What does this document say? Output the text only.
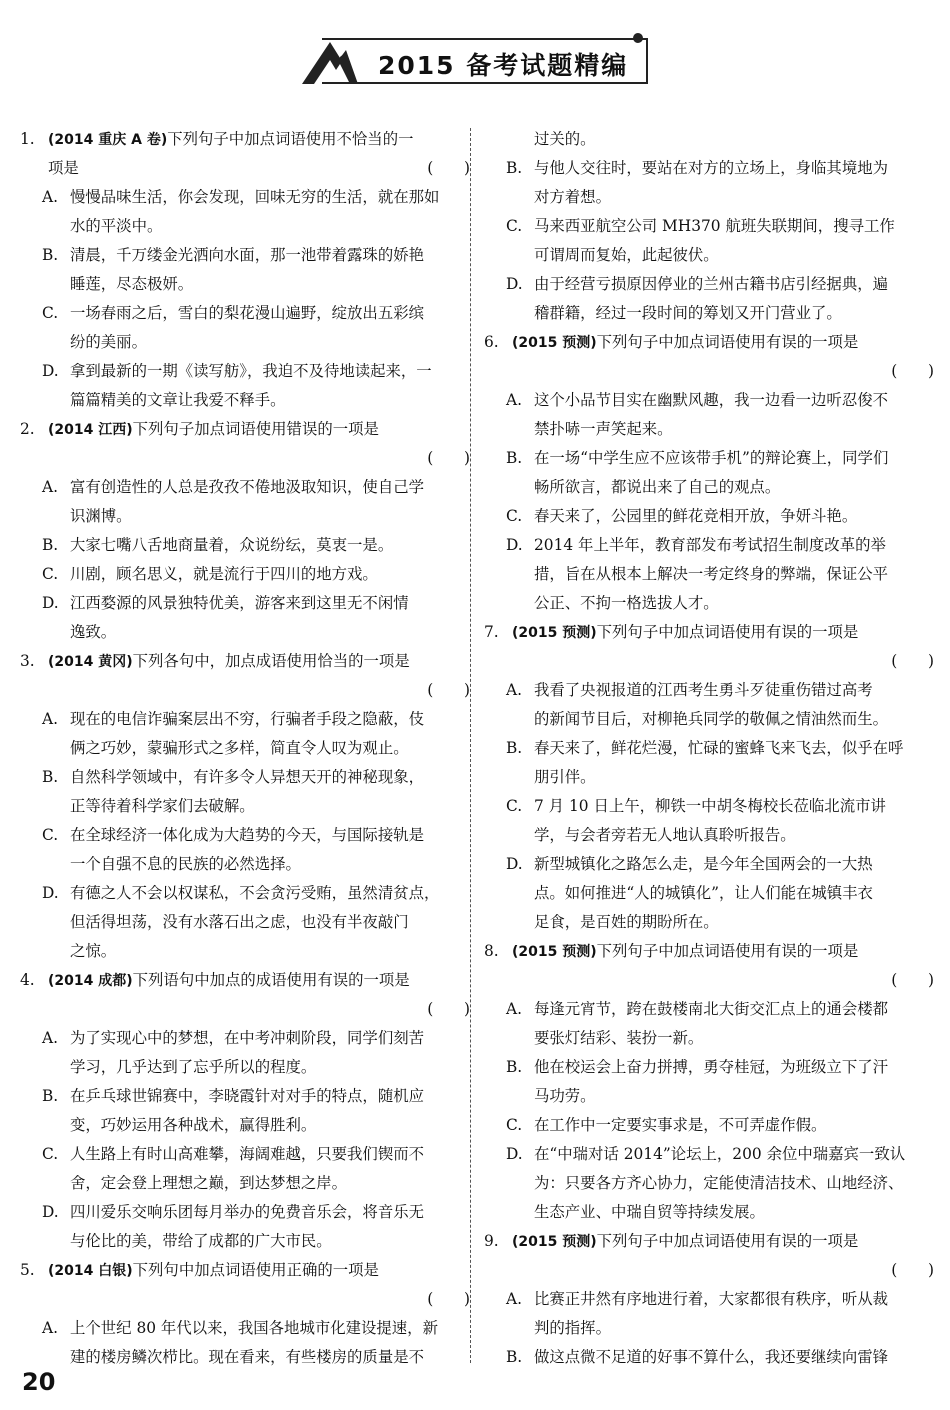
2015 备考试题精编
1. (2014 重庆 A 卷)下列句子中加点词语使用不恰当的一
项是	(　　)
A. 慢慢品味生活，你会发现，回味无穷的生活，就在那如
水的平淡中。
B. 清晨，千万缕金光洒向水面，那一池带着露珠的娇艳
睡莲，尽态极妍。
C. 一场春雨之后，雪白的梨花漫山遍野，绽放出五彩缤
纷的美丽。
D. 拿到最新的一期《读写舫》，我迫不及待地读起来，一
篇篇精美的文章让我爱不释手。
2. (2014 江西)下列句子加点词语使用错误的一项是
(　　)
A. 富有创造性的人总是孜孜不倦地汲取知识，使自己学
识渊博。
B. 大家七嘴八舌地商量着，众说纷纭，莫衷一是。
C. 川剧，顾名思义，就是流行于四川的地方戏。
D. 江西婺源的风景独特优美，游客来到这里无不闲情
逸致。
3. (2014 黄冈)下列各句中，加点成语使用恰当的一项是
(　　)
A. 现在的电信诈骗案层出不穷，行骗者手段之隐蔽，伎
俩之巧妙，蒙骗形式之多样，简直令人叹为观止。
B. 自然科学领域中，有许多令人异想天开的神秘现象，
正等待着科学家们去破解。
C. 在全球经济一体化成为大趋势的今天，与国际接轨是
一个自强不息的民族的必然选择。
D. 有德之人不会以权谋私，不会贪污受贿，虽然清贫点，
但活得坦荡，没有水落石出之虑，也没有半夜敲门
之惊。
4. (2014 成都)下列语句中加点的成语使用有误的一项是
(　　)
A. 为了实现心中的梦想，在中考冲刺阶段，同学们刻苦
学习，几乎达到了忘乎所以的程度。
B. 在乒乓球世锦赛中，李晓霞针对对手的特点，随机应
变，巧妙运用各种战术，赢得胜利。
C. 人生路上有时山高难攀，海阔难越，只要我们锲而不
舍，定会登上理想之巅，到达梦想之岸。
D. 四川爱乐交响乐团每月举办的免费音乐会，将音乐无
与伦比的美，带给了成都的广大市民。
5. (2014 白银)下列句中加点词语使用正确的一项是
(　　)
A. 上个世纪 80 年代以来，我国各地城市化建设提速，新
建的楼房鳞次栉比。现在看来，有些楼房的质量是不
过关的。
B. 与他人交往时，要站在对方的立场上，身临其境地为
对方着想。
C. 马来西亚航空公司 MH370 航班失联期间，搜寻工作
可谓周而复始，此起彼伏。
D. 由于经营亏损原因停业的兰州古籍书店引经据典，遍
稽群籍，经过一段时间的筹划又开门营业了。
6. (2015 预测)下列句子中加点词语使用有误的一项是
(　　)
A. 这个小品节目实在幽默风趣，我一边看一边听忍俊不
禁扑哧一声笑起来。
B. 在一场“中学生应不应该带手机”的辩论赛上，同学们
畅所欲言，都说出来了自己的观点。
C. 春天来了，公园里的鲜花竞相开放，争妍斗艳。
D. 2014 年上半年，教育部发布考试招生制度改革的举
措，旨在从根本上解决一考定终身的弊端，保证公平
公正、不拘一格选拔人才。
7. (2015 预测)下列句子中加点词语使用有误的一项是
(　　)
A. 我看了央视报道的江西考生勇斗歹徒重伤错过高考
的新闻节目后，对柳艳兵同学的敬佩之情油然而生。
B. 春天来了，鲜花烂漫，忙碌的蜜蜂飞来飞去，似乎在呼
朋引伴。
C. 7 月 10 日上午，柳铁一中胡冬梅校长莅临北流市讲
学，与会者旁若无人地认真聆听报告。
D. 新型城镇化之路怎么走，是今年全国两会的一大热
点。如何推进“人的城镇化”，让人们能在城镇丰衣
足食，是百姓的期盼所在。
8. (2015 预测)下列句子中加点词语使用有误的一项是
(　　)
A. 每逢元宵节，跨在鼓楼南北大街交汇点上的通会楼都
要张灯结彩、装扮一新。
B. 他在校运会上奋力拼搏，勇夺桂冠，为班级立下了汗
马功劳。
C. 在工作中一定要实事求是，不可弄虚作假。
D. 在“中瑞对话 2014”论坛上，200 余位中瑞嘉宾一致认
为：只要各方齐心协力，定能使清洁技术、山地经济、
生态产业、中瑞自贸等持续发展。
9. (2015 预测)下列句子中加点词语使用有误的一项是
(　　)
A. 比赛正井然有序地进行着，大家都很有秩序，听从裁
判的指挥。
B. 做这点微不足道的好事不算什么，我还要继续向雷锋
20
